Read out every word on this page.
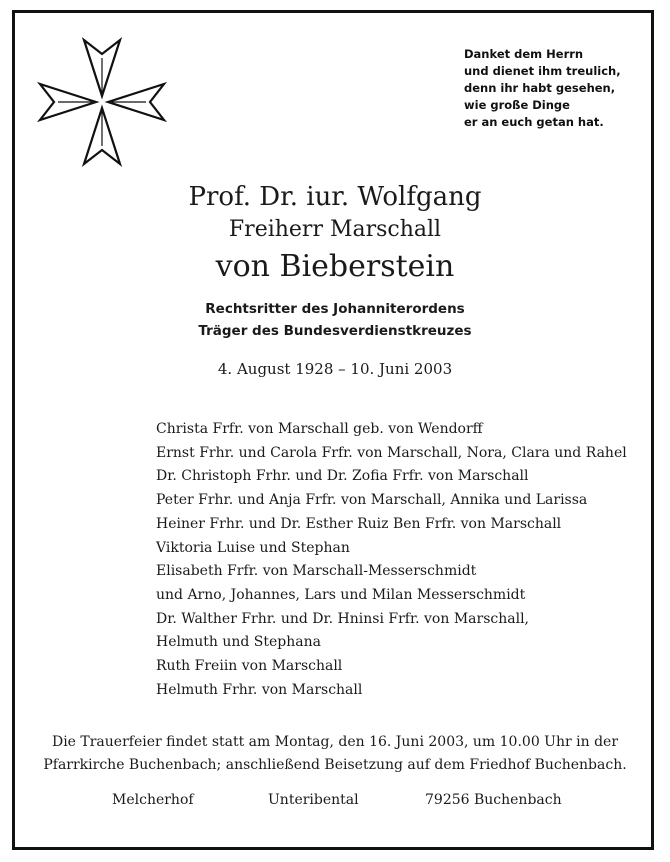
Danket dem Herrn
und dienet ihm treulich,
denn ihr habt gesehen,
wie große Dinge
er an euch getan hat.
Prof. Dr. iur. Wolfgang
Freiherr Marschall
von Bieberstein
Rechtsritter des Johanniterordens
Träger des Bundesverdienstkreuzes
4. August 1928 – 10. Juni 2003
Christa Frfr. von Marschall geb. von Wendorff
Ernst Frhr. und Carola Frfr. von Marschall, Nora, Clara und Rahel
Dr. Christoph Frhr. und Dr. Zofia Frfr. von Marschall
Peter Frhr. und Anja Frfr. von Marschall, Annika und Larissa
Heiner Frhr. und Dr. Esther Ruiz Ben Frfr. von Marschall
Viktoria Luise und Stephan
Elisabeth Frfr. von Marschall-Messerschmidt
und Arno, Johannes, Lars und Milan Messerschmidt
Dr. Walther Frhr. und Dr. Hninsi Frfr. von Marschall,
Helmuth und Stephana
Ruth Freiin von Marschall
Helmuth Frhr. von Marschall
Die Trauerfeier findet statt am Montag, den 16. Juni 2003, um 10.00 Uhr in der
Pfarrkirche Buchenbach; anschließend Beisetzung auf dem Friedhof Buchenbach.
Melcherhof	Unteribental	79256 Buchenbach
